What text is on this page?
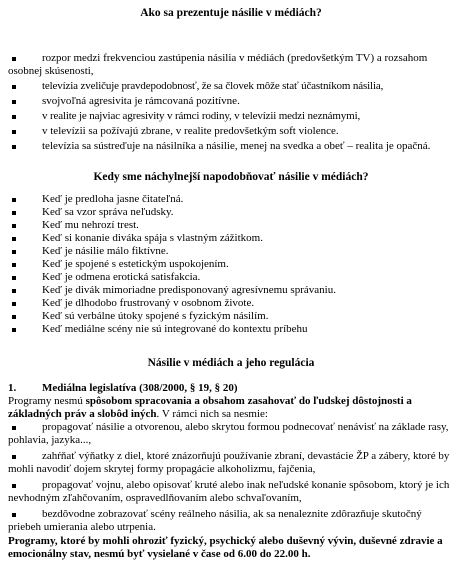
Ako sa prezentuje násilie v médiách?
rozpor medzi frekvenciou zastúpenia násilia v médiách (predovšetkým TV) a rozsahom osobnej skúsenosti,
televízia zveličuje pravdepodobnosť, že sa človek môže stať účastníkom násilia,
svojvoľná agresivita je rámcovaná pozitívne.
v realite je najviac agresivity v rámci rodiny, v televízii medzi neznámymi,
v televízii sa požívajú zbrane, v realite predovšetkým soft violence.
televízia sa sústreďuje na násilníka a násilie, menej na svedka a obeť – realita je opačná.
Kedy sme náchylnejší napodobňovať násilie v médiách?
Keď je predloha jasne čitateľná.
Keď sa vzor správa neľudsky.
Keď mu nehrozí trest.
Keď si konanie diváka spája s vlastným zážitkom.
Keď je násilie málo fiktívne.
Keď je spojené s estetickým uspokojením.
Keď je odmena erotická satisfakcia.
Keď je divák mimoriadne predisponovaný agresívnemu správaniu.
Keď je dlhodobo frustrovaný v osobnom živote.
Keď sú verbálne útoky spojené s fyzickým násilím.
Keď mediálne scény nie sú integrované do kontextu príbehu
Násilie v médiách a jeho regulácia
1. Mediálna legislatíva (308/2000, § 19, § 20)
Programy nesmú spôsobom spracovania a obsahom zasahovať do ľudskej dôstojnosti a základných práv a slobôd iných. V rámci nich sa nesmie:
propagovať násilie a otvorenou, alebo skrytou formou podnecovať nenávisť na základe rasy, pohlavia, jazyka...,
zahŕňať výňatky z diel, ktoré znázorňujú používanie zbraní, devastácie ŽP a zábery, ktoré by mohli navodiť dojem skrytej formy propagácie alkoholizmu, fajčenia,
propagovať vojnu, alebo opisovať kruté alebo inak neľudské konanie spôsobom, ktorý je ich nevhodným zľahčovaním, ospravedlňovaním alebo schvaľovaním,
bezdôvodne zobrazovať scény reálneho násilia, ak sa nenaleznite zdôrazňuje skutočný priebeh umierania alebo utrpenia.
Programy, ktoré by mohli ohroziť fyzický, psychický alebo duševný vývin, duševné zdravie a emocionálny stav, nesmú byť vysielané v čase od 6.00 do 22.00 h.
